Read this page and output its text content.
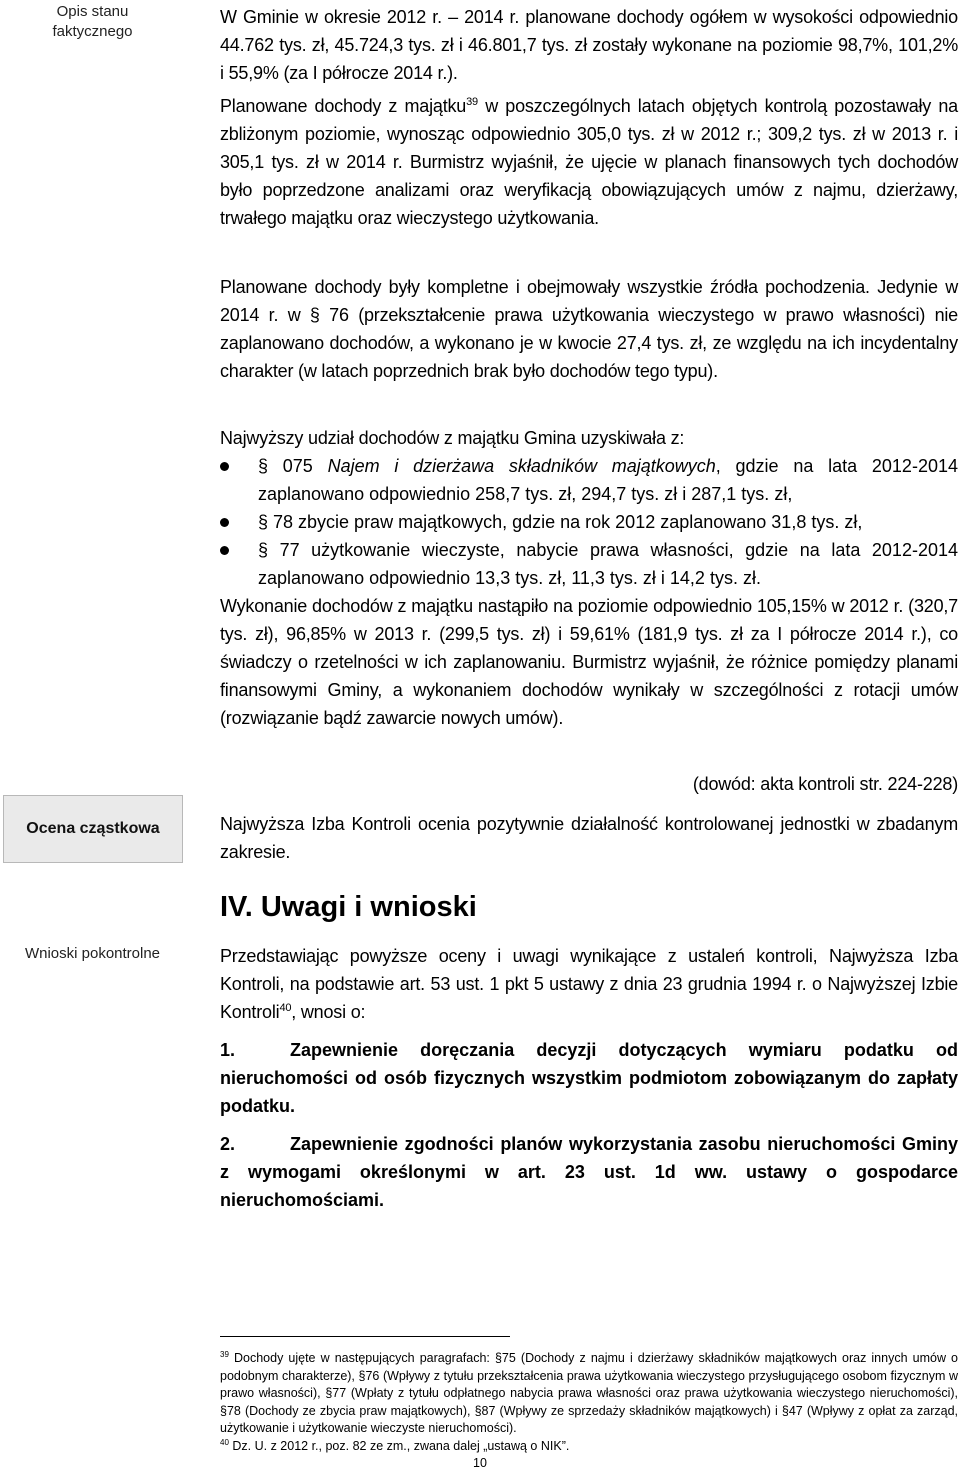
Opis stanu faktycznego
Ocena cząstkowa
Wnioski pokontrolne
W Gminie w okresie 2012 r. – 2014 r. planowane dochody ogółem w wysokości odpowiednio 44.762 tys. zł, 45.724,3 tys. zł i 46.801,7 tys. zł zostały wykonane na poziomie 98,7%, 101,2% i 55,9% (za I półrocze 2014 r.).
Planowane dochody z majątku$^{39}$ w poszczególnych latach objętych kontrolą pozostawały na zbliżonym poziomie, wynosząc odpowiednio 305,0 tys. zł w 2012 r.; 309,2 tys. zł w 2013 r. i 305,1 tys. zł w 2014 r. Burmistrz wyjaśnił, że ujęcie w planach finansowych tych dochodów było poprzedzone analizami oraz weryfikacją obowiązujących umów z najmu, dzierżawy, trwałego majątku oraz wieczystego użytkowania.
Planowane dochody były kompletne i obejmowały wszystkie źródła pochodzenia. Jedynie w 2014 r. w § 76 (przekształcenie prawa użytkowania wieczystego w prawo własności) nie zaplanowano dochodów, a wykonano je w kwocie 27,4 tys. zł, ze względu na ich incydentalny charakter (w latach poprzednich brak było dochodów tego typu).
Najwyższy udział dochodów z majątku Gmina uzyskiwała z:
§ 075 Najem i dzierżawa składników majątkowych, gdzie na lata 2012-2014 zaplanowano odpowiednio 258,7 tys. zł, 294,7 tys. zł i 287,1 tys. zł,
§ 78 zbycie praw majątkowych, gdzie na rok 2012 zaplanowano 31,8 tys. zł,
§ 77 użytkowanie wieczyste, nabycie prawa własności, gdzie na lata 2012-2014 zaplanowano odpowiednio 13,3 tys. zł, 11,3 tys. zł i 14,2 tys. zł.
Wykonanie dochodów z majątku nastąpiło na poziomie odpowiednio 105,15% w 2012 r. (320,7 tys. zł), 96,85% w 2013 r. (299,5 tys. zł) i 59,61% (181,9 tys. zł za I półrocze 2014 r.), co świadczy o rzetelności w ich zaplanowaniu. Burmistrz wyjaśnił, że różnice pomiędzy planami finansowymi Gminy, a wykonaniem dochodów wynikały w szczególności z rotacji umów (rozwiązanie bądź zawarcie nowych umów).
(dowód: akta kontroli str. 224-228)
Najwyższa Izba Kontroli ocenia pozytywnie działalność kontrolowanej jednostki w zbadanym zakresie.
IV. Uwagi i wnioski
Przedstawiając powyższe oceny i uwagi wynikające z ustaleń kontroli, Najwyższa Izba Kontroli, na podstawie art. 53 ust. 1 pkt 5 ustawy z dnia 23 grudnia 1994 r. o Najwyższej Izbie Kontroli$^{40}$, wnosi o:
1.	Zapewnienie doręczania decyzji dotyczących wymiaru podatku od nieruchomości od osób fizycznych wszystkim podmiotom zobowiązanym do zapłaty podatku.
2.	Zapewnienie zgodności planów wykorzystania zasobu nieruchomości Gminy z wymogami określonymi w art. 23 ust. 1d ww. ustawy o gospodarce nieruchomościami.
$^{39}$ Dochody ujęte w następujących paragrafach: §75 (Dochody z najmu i dzierżawy składników majątkowych oraz innych umów o podobnym charakterze), §76 (Wpływy z tytułu przekształcenia prawa użytkowania wieczystego przysługującego osobom fizycznym w prawo własności), §77 (Wpłaty z tytułu odpłatnego nabycia prawa własności oraz prawa użytkowania wieczystego nieruchomości), §78 (Dochody ze zbycia praw majątkowych), §87 (Wpływy ze sprzedaży składników majątkowych) i §47 (Wpływy z opłat za zarząd, użytkowanie i użytkowanie wieczyste nieruchomości).
$^{40}$ Dz. U. z 2012 r., poz. 82 ze zm., zwana dalej „ustawą o NIK”.
10
